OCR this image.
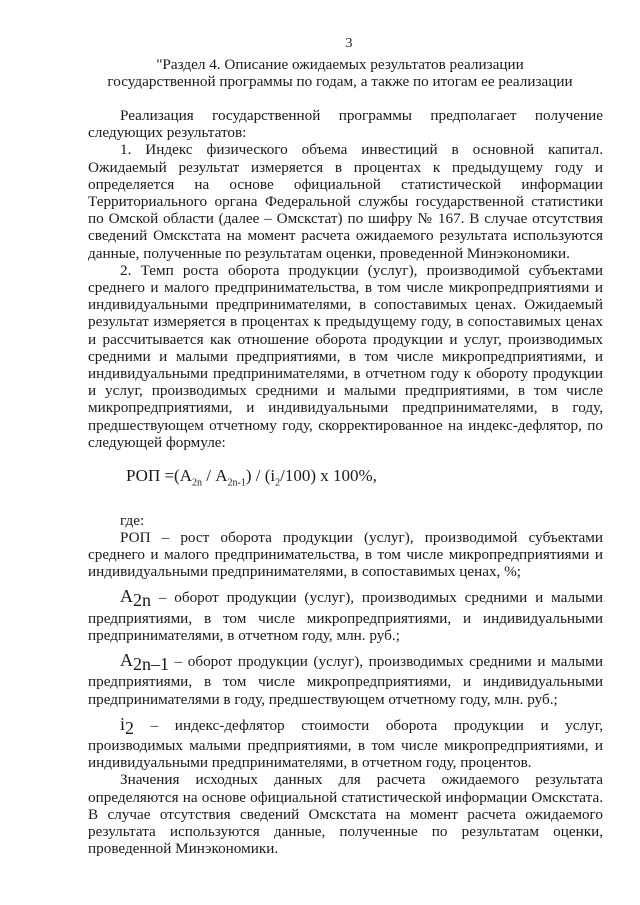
3
"Раздел 4. Описание ожидаемых результатов реализации
государственной программы по годам, а также по итогам ее реализации

Реализация государственной программы предполагает получение следующих результатов:

1. Индекс физического объема инвестиций в основной капитал. Ожидаемый результат измеряется в процентах к предыдущему году и определяется на основе официальной статистической информации Территориального органа Федеральной службы государственной статистики по Омской области (далее – Омскстат) по шифру № 167. В случае отсутствия сведений Омскстата на момент расчета ожидаемого результата используются данные, полученные по результатам оценки, проведенной Минэкономики.

2. Темп роста оборота продукции (услуг), производимой субъектами среднего и малого предпринимательства, в том числе микропредприятиями и индивидуальными предпринимателями, в сопоставимых ценах. Ожидаемый результат измеряется в процентах к предыдущему году, в сопоставимых ценах и рассчитывается как отношение оборота продукции и услуг, производимых средними и малыми предприятиями, в том числе микропредприятиями, и индивидуальными предпринимателями, в отчетном году к обороту продукции и услуг, производимых средними и малыми предприятиями, в том числе микропредприятиями, и индивидуальными предпринимателями, в году, предшествующем отчетному году, скорректированное на индекс-дефлятор, по следующей формуле:

РОП $=(А_{2n} / А_{2n-1}) / (i_2/100)$ x 100%,

где:

РОП – рост оборота продукции (услуг), производимой субъектами среднего и малого предпринимательства, в том числе микропредприятиями и индивидуальными предпринимателями, в сопоставимых ценах, %;

$А_{2n}$ – оборот продукции (услуг), производимых средними и малыми предприятиями, в том числе микропредприятиями, и индивидуальными предпринимателями, в отчетном году, млн. руб.;

$А_{2n-1}$ – оборот продукции (услуг), производимых средними и малыми предприятиями, в том числе микропредприятиями, и индивидуальными предпринимателями в году, предшествующем отчетному году, млн. руб.;

$i_2$ – индекс-дефлятор стоимости оборота продукции и услуг, производимых малыми предприятиями, в том числе микропредприятиями, и индивидуальными предпринимателями, в отчетном году, процентов.

Значения исходных данных для расчета ожидаемого результата определяются на основе официальной статистической информации Омскстата. В случае отсутствия сведений Омскстата на момент расчета ожидаемого результата используются данные, полученные по результатам оценки, проведенной Минэкономики.
